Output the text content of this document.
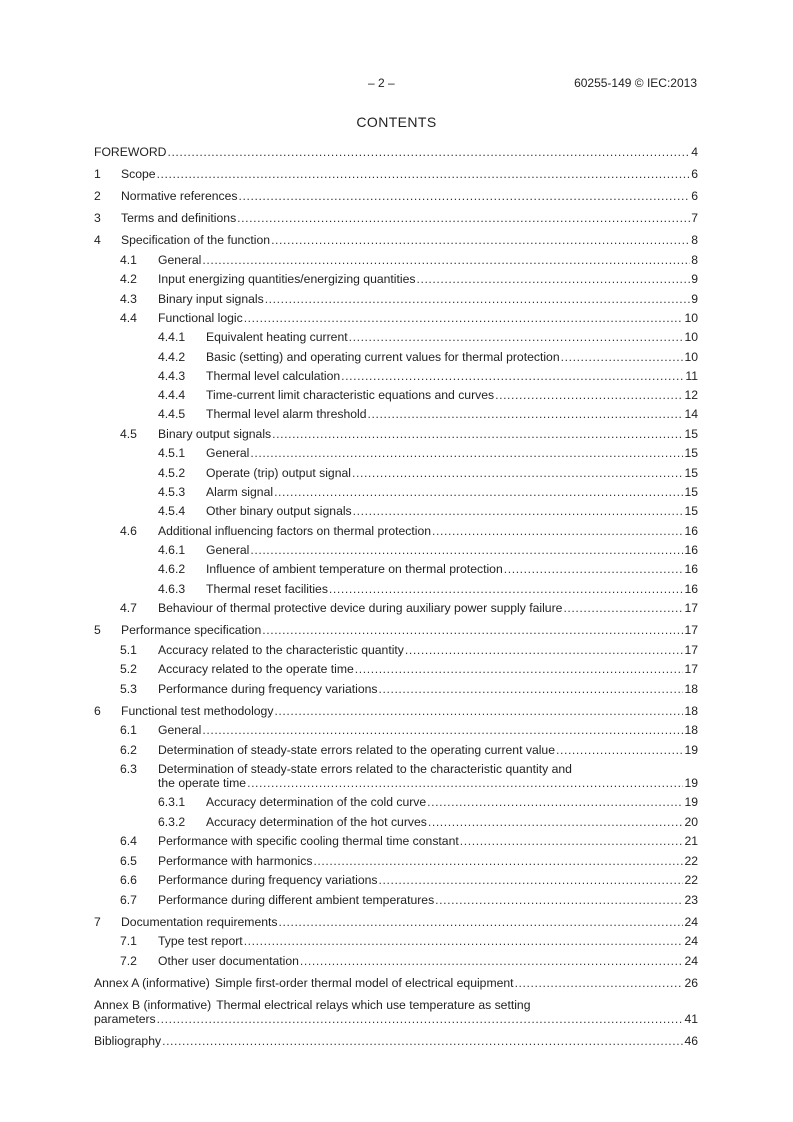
– 2 –	60255-149 © IEC:2013
CONTENTS
FOREWORD .....	4
1	Scope .....	6
2	Normative references .....	6
3	Terms and definitions .....	7
4	Specification of the function .....	8
4.1	General .....	8
4.2	Input energizing quantities/energizing quantities .....	9
4.3	Binary input signals .....	9
4.4	Functional logic .....	10
4.4.1	Equivalent heating current .....	10
4.4.2	Basic (setting) and operating current values for thermal protection .....	10
4.4.3	Thermal level calculation .....	11
4.4.4	Time-current limit characteristic equations and curves .....	12
4.4.5	Thermal level alarm threshold .....	14
4.5	Binary output signals .....	15
4.5.1	General .....	15
4.5.2	Operate (trip) output signal .....	15
4.5.3	Alarm signal .....	15
4.5.4	Other binary output signals .....	15
4.6	Additional influencing factors on thermal protection .....	16
4.6.1	General .....	16
4.6.2	Influence of ambient temperature on thermal protection .....	16
4.6.3	Thermal reset facilities .....	16
4.7	Behaviour of thermal protective device during auxiliary power supply failure .....	17
5	Performance specification .....	17
5.1	Accuracy related to the characteristic quantity .....	17
5.2	Accuracy related to the operate time .....	17
5.3	Performance during frequency variations .....	18
6	Functional test methodology .....	18
6.1	General .....	18
6.2	Determination of steady-state errors related to the operating current value .....	19
6.3	Determination of steady-state errors related to the characteristic quantity and
the operate time .....	19
6.3.1	Accuracy determination of the cold curve .....	19
6.3.2	Accuracy determination of the hot curves .....	20
6.4	Performance with specific cooling thermal time constant .....	21
6.5	Performance with harmonics .....	22
6.6	Performance during frequency variations .....	22
6.7	Performance during different ambient temperatures .....	23
7	Documentation requirements .....	24
7.1	Type test report .....	24
7.2	Other user documentation .....	24
Annex A (informative) Simple first-order thermal model of electrical equipment .....	26
Annex B (informative) Thermal electrical relays which use temperature as setting
parameters .....	41
Bibliography .....	46
